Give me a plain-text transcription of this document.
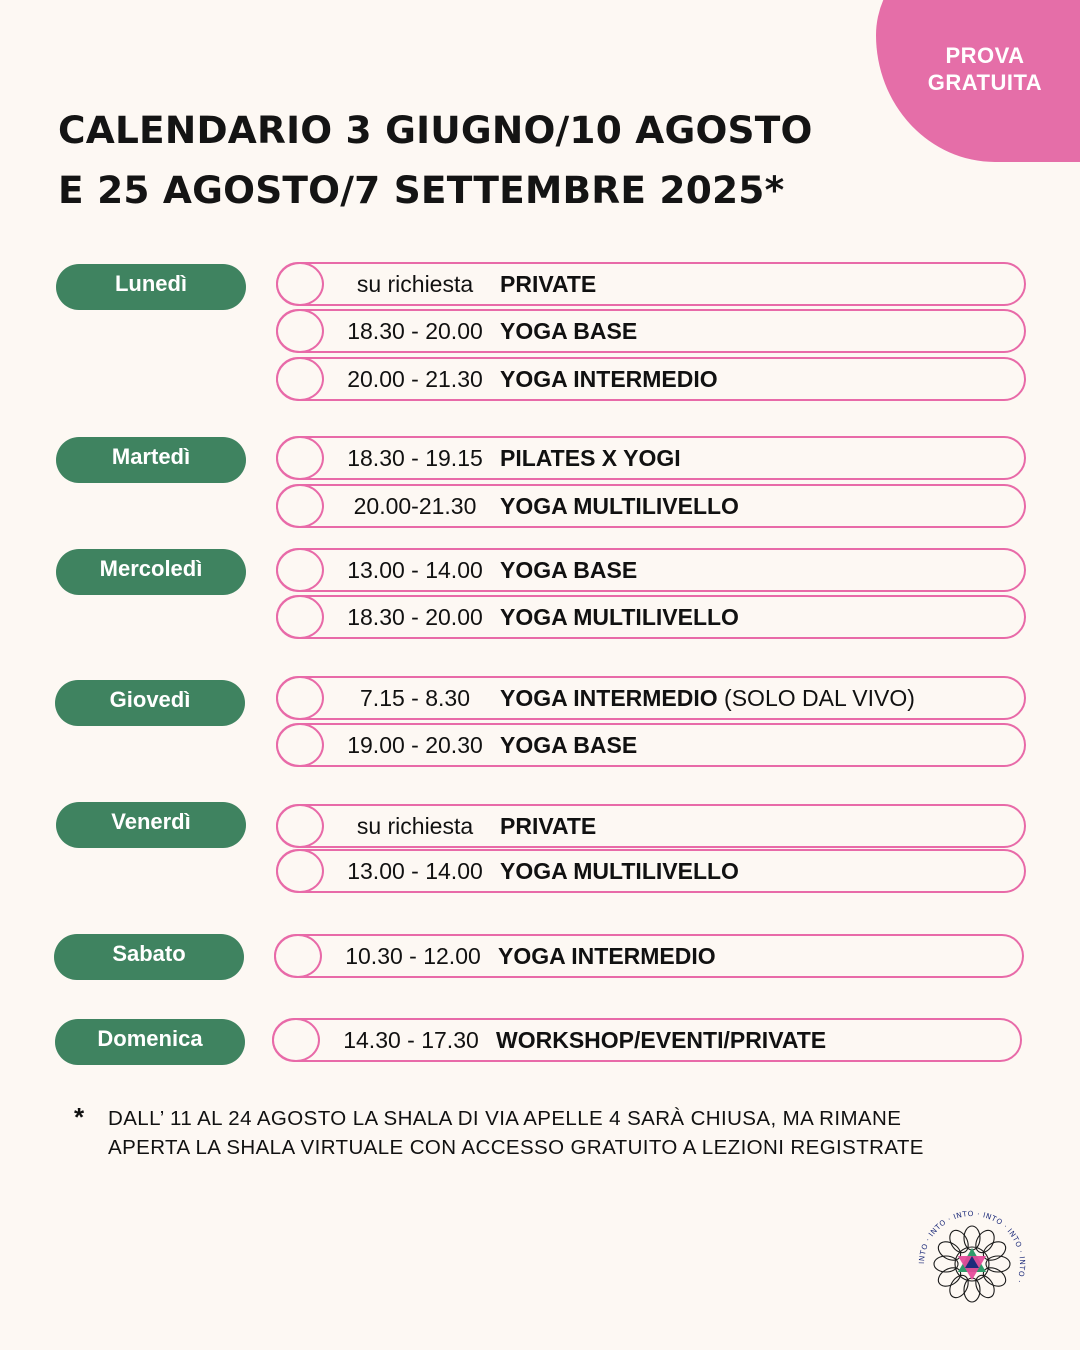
PROVA
GRATUITA
CALENDARIO 3 GIUGNO/10 AGOSTO
E 25 AGOSTO/7 SETTEMBRE 2025*
Lunedì	su richiesta	PRIVATE
18.30 - 20.00 YOGA BASE
20.00 - 21.30 YOGA INTERMEDIO
Martedì	18.30 - 19.15 PILATES X YOGI
20.00-21.30	YOGA MULTILIVELLO
Mercoledì	13.00 - 14.00 YOGA BASE
18.30 - 20.00 YOGA MULTILIVELLO
Giovedì	7.15 - 8.30	YOGA INTERMEDIO (SOLO DAL VIVO)
19.00 - 20.30 YOGA BASE
Venerdì	su richiesta	PRIVATE
13.00 - 14.00 YOGA MULTILIVELLO
Sabato	10.30 - 12.00 YOGA INTERMEDIO
Domenica	14.30 - 17.30 WORKSHOP/EVENTI/PRIVATE
* DALL’ 11 AL 24 AGOSTO LA SHALA DI VIA APELLE 4 SARÀ CHIUSA, MA RIMANE
APERTA LA SHALA VIRTUALE CON ACCESSO GRATUITO A LEZIONI REGISTRATE
INTO · INTO · INTO · INTO · INTO · INTO ·
